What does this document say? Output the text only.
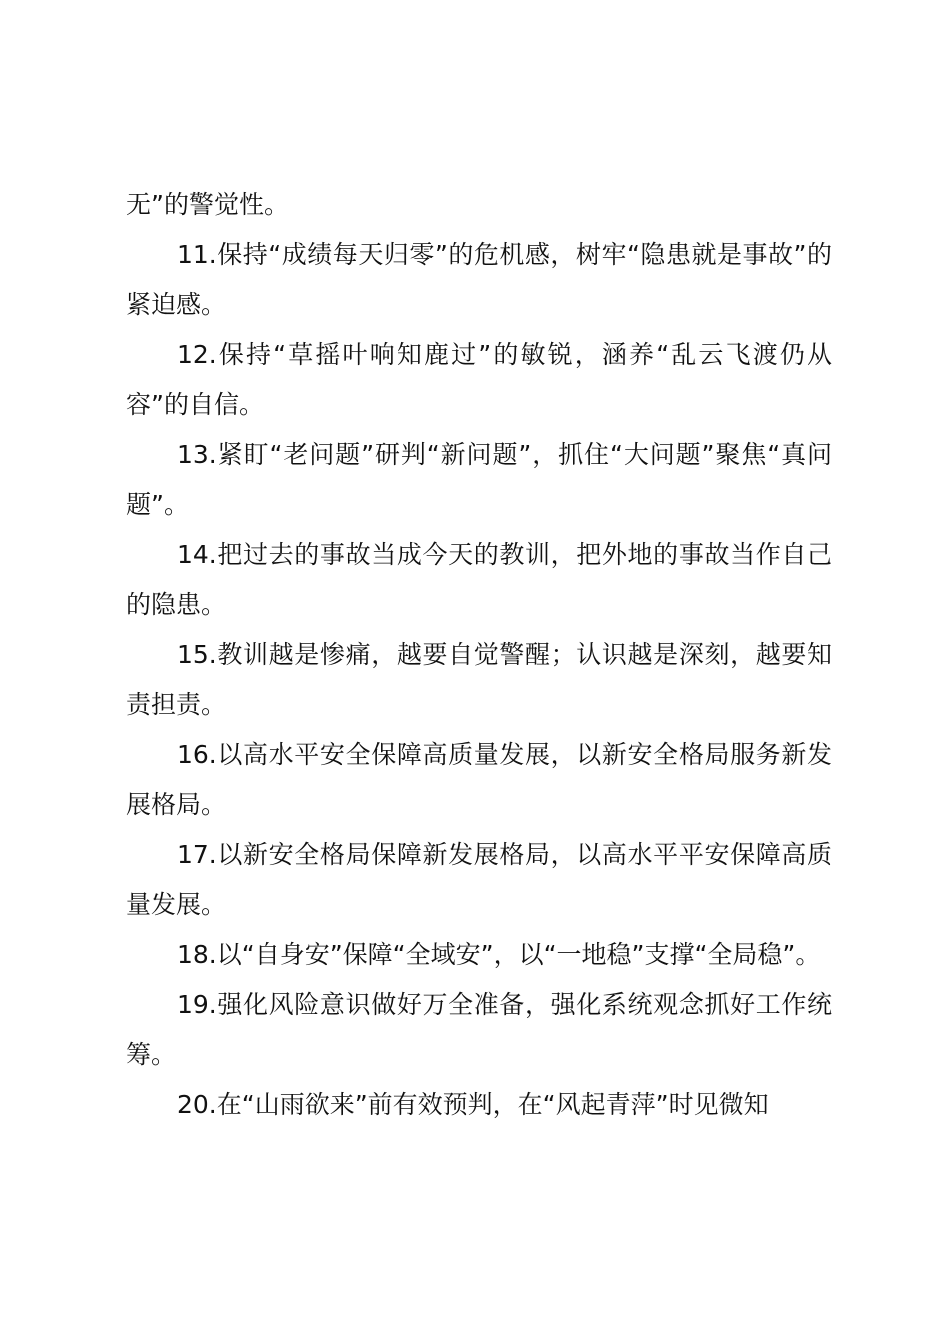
无”的警觉性。

11.保持“成绩每天归零”的危机感，树牢“隐患就是事故”的紧迫感。

12.保持“草摇叶响知鹿过”的敏锐，涵养“乱云飞渡仍从容”的自信。

13.紧盯“老问题”研判“新问题”，抓住“大问题”聚焦“真问题”。

14.把过去的事故当成今天的教训，把外地的事故当作自己的隐患。

15.教训越是惨痛，越要自觉警醒；认识越是深刻，越要知责担责。

16.以高水平安全保障高质量发展，以新安全格局服务新发展格局。

17.以新安全格局保障新发展格局，以高水平平安保障高质量发展。

18.以“自身安”保障“全域安”，以“一地稳”支撑“全局稳”。

19.强化风险意识做好万全准备，强化系统观念抓好工作统筹。

20.在“山雨欲来”前有效预判，在“风起青萍”时见微知
